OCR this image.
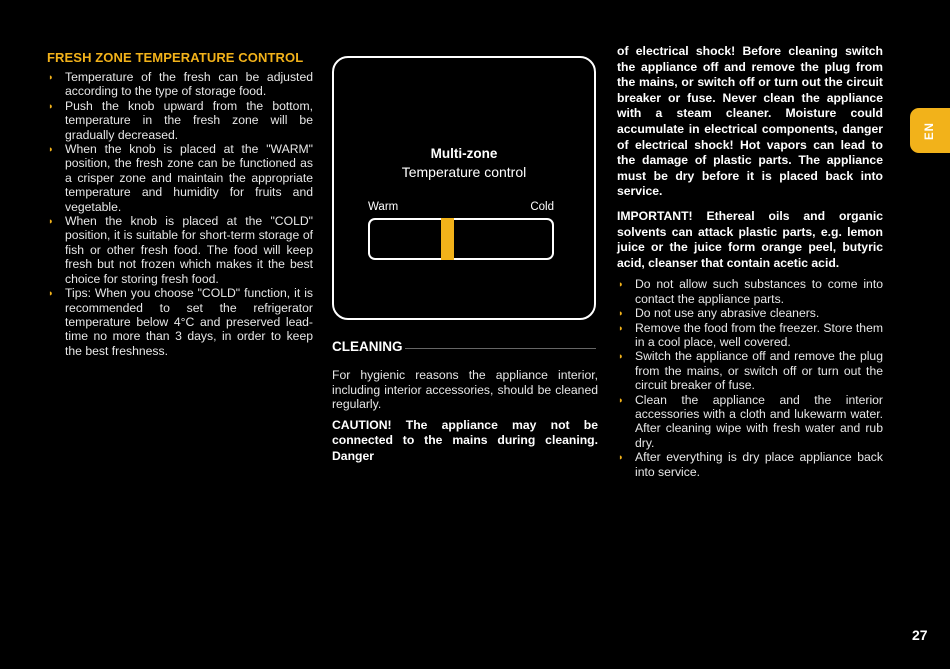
FRESH ZONE TEMPERATURE CONTROL
◗ Temperature of the fresh can be adjusted according to the type of storage food.
◗ Push the knob upward from the bottom, temperature in the fresh zone will be gradually decreased.
◗ When the knob is placed at the "WARM" position, the fresh zone can be functioned as a crisper zone and maintain the appropriate temperature and humidity for fruits and vegetable.
◗ When the knob is placed at the "COLD" position, it is suitable for short-term storage of fish or other fresh food. The food will keep fresh but not frozen which makes it the best choice for storing fresh food.
◗ Tips: When you choose "COLD" function, it is recommended to set the refrigerator temperature below 4°C and preserved lead-time no more than 3 days, in order to keep the best freshness.
Multi-zone
Temperature control
Warm	Cold
CLEANING

For hygienic reasons the appliance interior, including interior accessories, should be cleaned regularly.

CAUTION! The appliance may not be connected to the mains during cleaning. Danger

of electrical shock! Before cleaning switch the appliance off and remove the plug from the mains, or switch off or turn out the circuit breaker or fuse. Never clean the appliance with a steam cleaner. Moisture could accumulate in electrical components, danger of electrical shock! Hot vapors can lead to the damage of plastic parts. The appliance must be dry before it is placed back into service.

IMPORTANT! Ethereal oils and organic solvents can attack plastic parts, e.g. lemon juice or the juice form orange peel, butyric acid, cleanser that contain acetic acid.

◗ Do not allow such substances to come into contact the appliance parts.
◗ Do not use any abrasive cleaners.
◗ Remove the food from the freezer. Store them in a cool place, well covered.
◗ Switch the appliance off and remove the plug from the mains, or switch off or turn out the circuit breaker of fuse.
◗ Clean the appliance and the interior accessories with a cloth and lukewarm water. After cleaning wipe with fresh water and rub dry.
◗ After everything is dry place appliance back into service.
EN
27
